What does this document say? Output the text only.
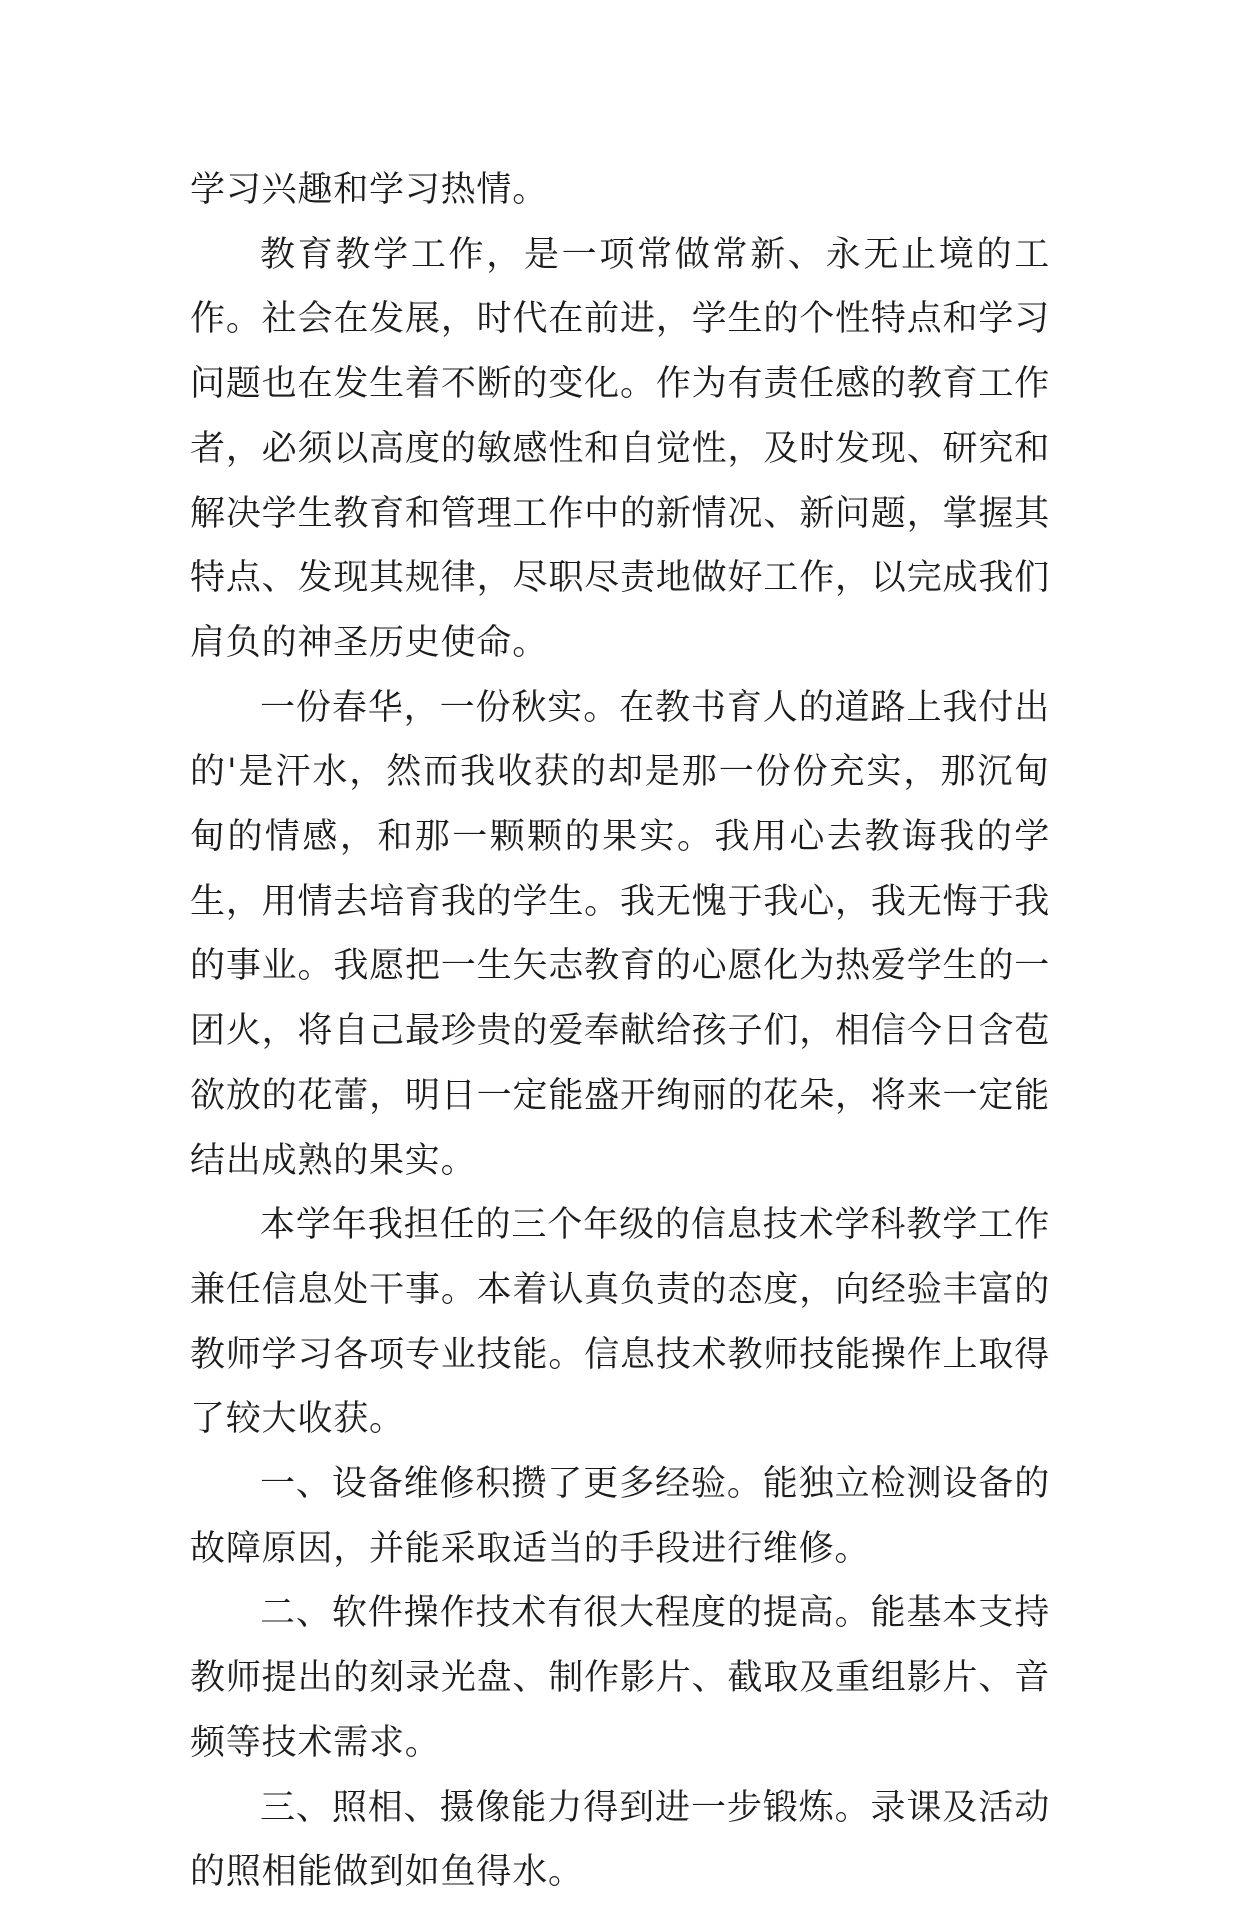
学习兴趣和学习热情。

教育教学工作，是一项常做常新、永无止境的工作。社会在发展，时代在前进，学生的个性特点和学习问题也在发生着不断的变化。作为有责任感的教育工作者，必须以高度的敏感性和自觉性，及时发现、研究和解决学生教育和管理工作中的新情况、新问题，掌握其特点、发现其规律，尽职尽责地做好工作，以完成我们肩负的神圣历史使命。

一份春华，一份秋实。在教书育人的道路上我付出的'是汗水，然而我收获的却是那一份份充实，那沉甸甸的情感，和那一颗颗的果实。我用心去教诲我的学生，用情去培育我的学生。我无愧于我心，我无悔于我的事业。我愿把一生矢志教育的心愿化为热爱学生的一团火，将自己最珍贵的爱奉献给孩子们，相信今日含苞欲放的花蕾，明日一定能盛开绚丽的花朵，将来一定能结出成熟的果实。

本学年我担任的三个年级的信息技术学科教学工作兼任信息处干事。本着认真负责的态度，向经验丰富的教师学习各项专业技能。信息技术教师技能操作上取得了较大收获。

一、设备维修积攒了更多经验。能独立检测设备的故障原因，并能采取适当的手段进行维修。

二、软件操作技术有很大程度的提高。能基本支持教师提出的刻录光盘、制作影片、截取及重组影片、音频等技术需求。

三、照相、摄像能力得到进一步锻炼。录课及活动的照相能做到如鱼得水。
